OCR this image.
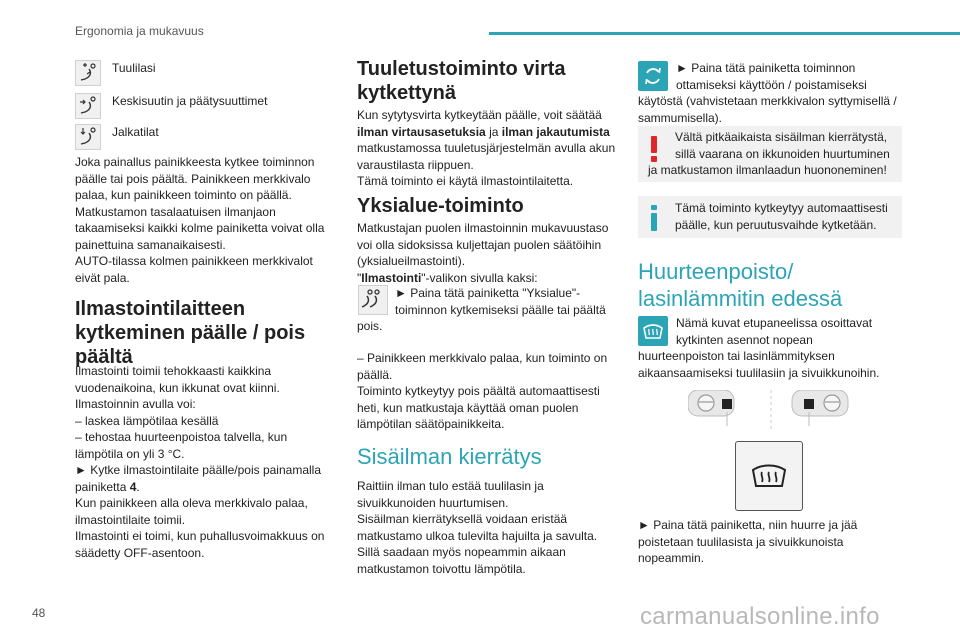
Ergonomia ja mukavuus
Tuulilasi
Keskisuutin ja päätysuuttimet
Jalkatilat
Joka painallus painikkeesta kytkee toiminnon
päälle tai pois päältä. Painikkeen merkkivalo
palaa, kun painikkeen toiminto on päällä.
Matkustamon tasalaatuisen ilmanjaon
takaamiseksi kaikki kolme painiketta voivat olla
painettuina samanaikaisesti.
AUTO-tilassa kolmen painikkeen merkkivalot
eivät pala.
Ilmastointilaitteen
kytkeminen päälle / pois
päältä
Ilmastointi toimii tehokkaasti kaikkina
vuodenaikoina, kun ikkunat ovat kiinni.
Ilmastoinnin avulla voi:
– laskea lämpötilaa kesällä
– tehostaa huurteenpoistoa talvella, kun
lämpötila on yli 3 °C.
► Kytke ilmastointilaite päälle/pois painamalla
painiketta 4.
Kun painikkeen alla oleva merkkivalo palaa,
ilmastointilaite toimii.
Ilmastointi ei toimi, kun puhallusvoimakkuus on
säädetty OFF-asentoon.
Tuuletustoiminto virta
kytkettynä
Kun sytytysvirta kytkeytään päälle, voit säätää
ilman virtausasetuksia ja ilman jakautumista
matkustamossa tuuletusjärjestelmän avulla akun
varaustilasta riippuen.
Tämä toiminto ei käytä ilmastointilaitetta.
Yksialue-toiminto
Matkustajan puolen ilmastoinnin mukavuustaso
voi olla sidoksissa kuljettajan puolen säätöihin
(yksialueilmastointi).
"Ilmastointi"-valikon sivulla kaksi:
► Paina tätä painiketta "Yksialue"-
toiminnon kytkemiseksi päälle tai päältä
pois.
– Painikkeen merkkivalo palaa, kun toiminto on
päällä.
Toiminto kytkeytyy pois päältä automaattisesti
heti, kun matkustaja käyttää oman puolen
lämpötilan säätöpainikkeita.
Sisäilman kierrätys
Raittiin ilman tulo estää tuulilasin ja
sivuikkunoiden huurtumisen.
Sisäilman kierrätyksellä voidaan eristää
matkustamo ulkoa tulevilta hajuilta ja savulta.
Sillä saadaan myös nopeammin aikaan
matkustamon toivottu lämpötila.
► Paina tätä painiketta toiminnon
ottamiseksi käyttöön / poistamiseksi
käytöstä (vahvistetaan merkkivalon syttymisellä /
sammumisella).
Vältä pitkäaikaista sisäilman kierrätystä,
sillä vaarana on ikkunoiden huurtuminen
ja matkustamon ilmanlaadun huononeminen!
Tämä toiminto kytkeytyy automaattisesti
päälle, kun peruutusvaihde kytketään.
Huurteenpoisto/
lasinlämmitin edessä
Nämä kuvat etupaneelissa osoittavat
kytkinten asennot nopean
huurteenpoiston tai lasinlämmityksen
aikaansaamiseksi tuulilasiin ja sivuikkunoihin.
► Paina tätä painiketta, niin huurre ja jää
poistetaan tuulilasista ja sivuikkunoista
nopeammin.
48	carmanualsonline.info
